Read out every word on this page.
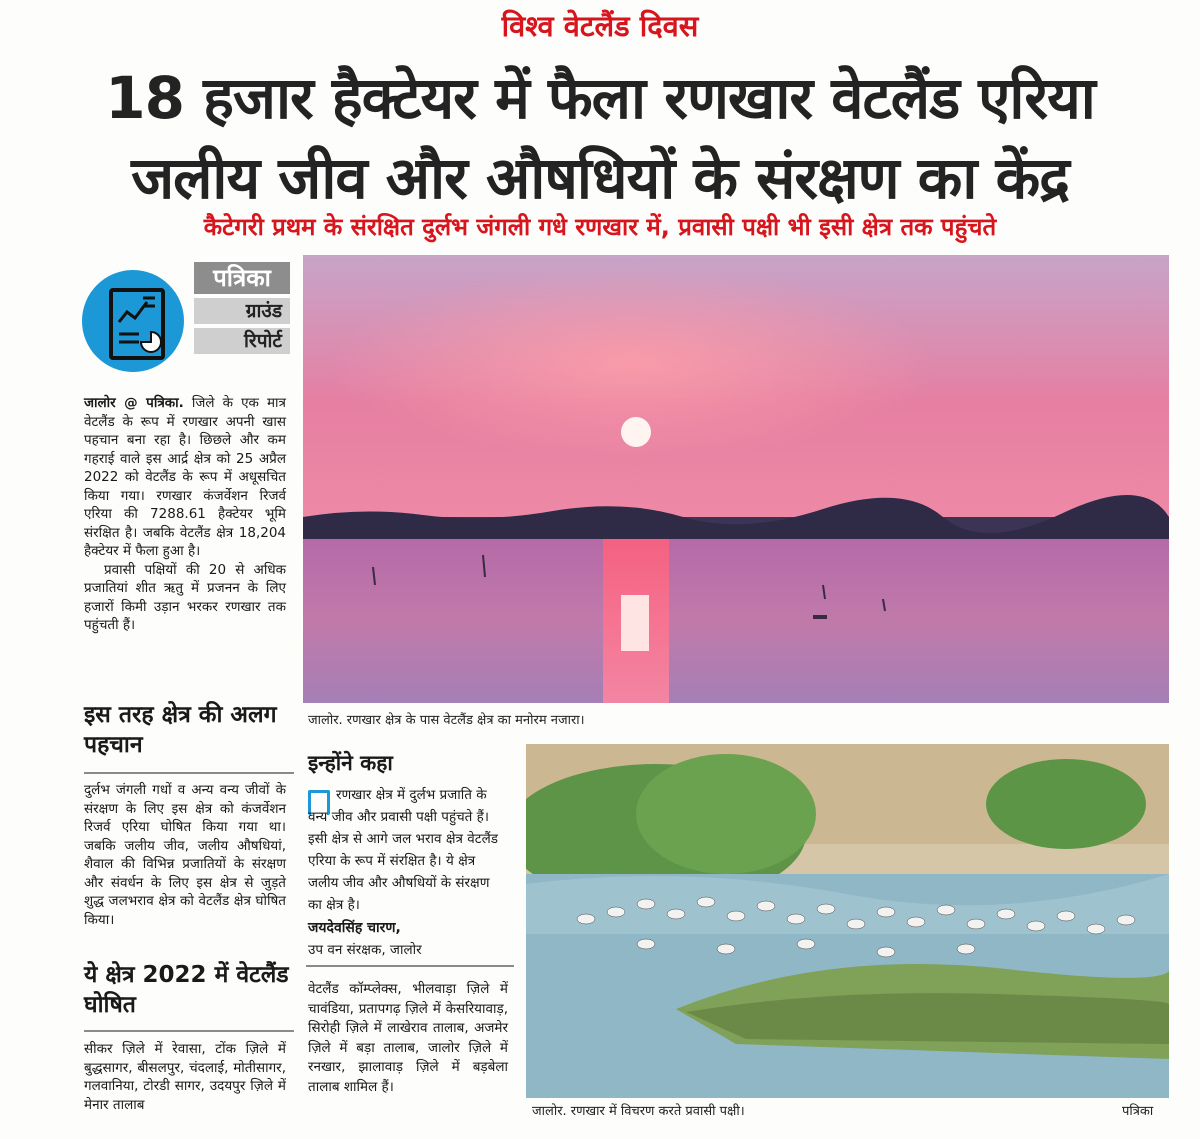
विश्व वेटलैंड दिवस
18 हजार हैक्टेयर में फैला रणखार वेटलैंड एरिया
जलीय जीव और औषधियों के संरक्षण का केंद्र
कैटेगरी प्रथम के संरक्षित दुर्लभ जंगली गधे रणखार में, प्रवासी पक्षी भी इसी क्षेत्र तक पहुंचते
पत्रिका
ग्राउंड
रिपोर्ट

जालोर @ पत्रिका. जिले के एक मात्र वेटलैंड के रूप में रणखार अपनी खास पहचान बना रहा है। छिछले और कम गहराई वाले इस आर्द्र क्षेत्र को 25 अप्रैल 2022 को वेटलैंड के रूप में अधूसचित किया गया। रणखार कंजर्वेशन रिजर्व एरिया की 7288.61 हैक्टेयर भूमि संरक्षित है। जबकि वेटलैंड क्षेत्र 18,204 हैक्टेयर में फैला हुआ है।

प्रवासी पक्षियों की 20 से अधिक प्रजातियां शीत ऋतु में प्रजनन के लिए हजारों किमी उड़ान भरकर रणखार तक पहुंचती हैं।

इस तरह क्षेत्र की अलग पहचान
दुर्लभ जंगली गधों व अन्य वन्य जीवों के संरक्षण के लिए इस क्षेत्र को कंजर्वेशन रिजर्व एरिया घोषित किया गया था। जबकि जलीय जीव, जलीय औषधियां, शैवाल की विभिन्न प्रजातियों के संरक्षण और संवर्धन के लिए इस क्षेत्र से जुड़ते शुद्ध जलभराव क्षेत्र को वेटलैंड क्षेत्र घोषित किया।
ये क्षेत्र 2022 में वेटलैंड घोषित
सीकर ज़िले में रेवासा, टोंक ज़िले में बुद्धसागर, बीसलपुर, चंदलाई, मोतीसागर, गलवानिया, टोरडी सागर, उदयपुर ज़िले में मेनार तालाब
जालोर. रणखार क्षेत्र के पास वेटलैंड क्षेत्र का मनोरम नजारा।
इन्होंने कहा
रणखार क्षेत्र में दुर्लभ प्रजाति के वन्य जीव और प्रवासी पक्षी पहुंचते हैं। इसी क्षेत्र से आगे जल भराव क्षेत्र वेटलैंड एरिया के रूप में संरक्षित है। ये क्षेत्र जलीय जीव और औषधियों के संरक्षण का क्षेत्र है।
जयदेवसिंह चारण,
उप वन संरक्षक, जालोर
वेटलैंड कॉम्प्लेक्स, भीलवाड़ा ज़िले में चावंडिया, प्रतापगढ़ ज़िले में केसरियावाड़, सिरोही ज़िले में लाखेराव तालाब, अजमेर ज़िले में बड़ा तालाब, जालोर ज़िले में रनखार, झालावाड़ ज़िले में बड़बेला तालाब शामिल हैं।
जालोर. रणखार में विचरण करते प्रवासी पक्षी।	पत्रिका
